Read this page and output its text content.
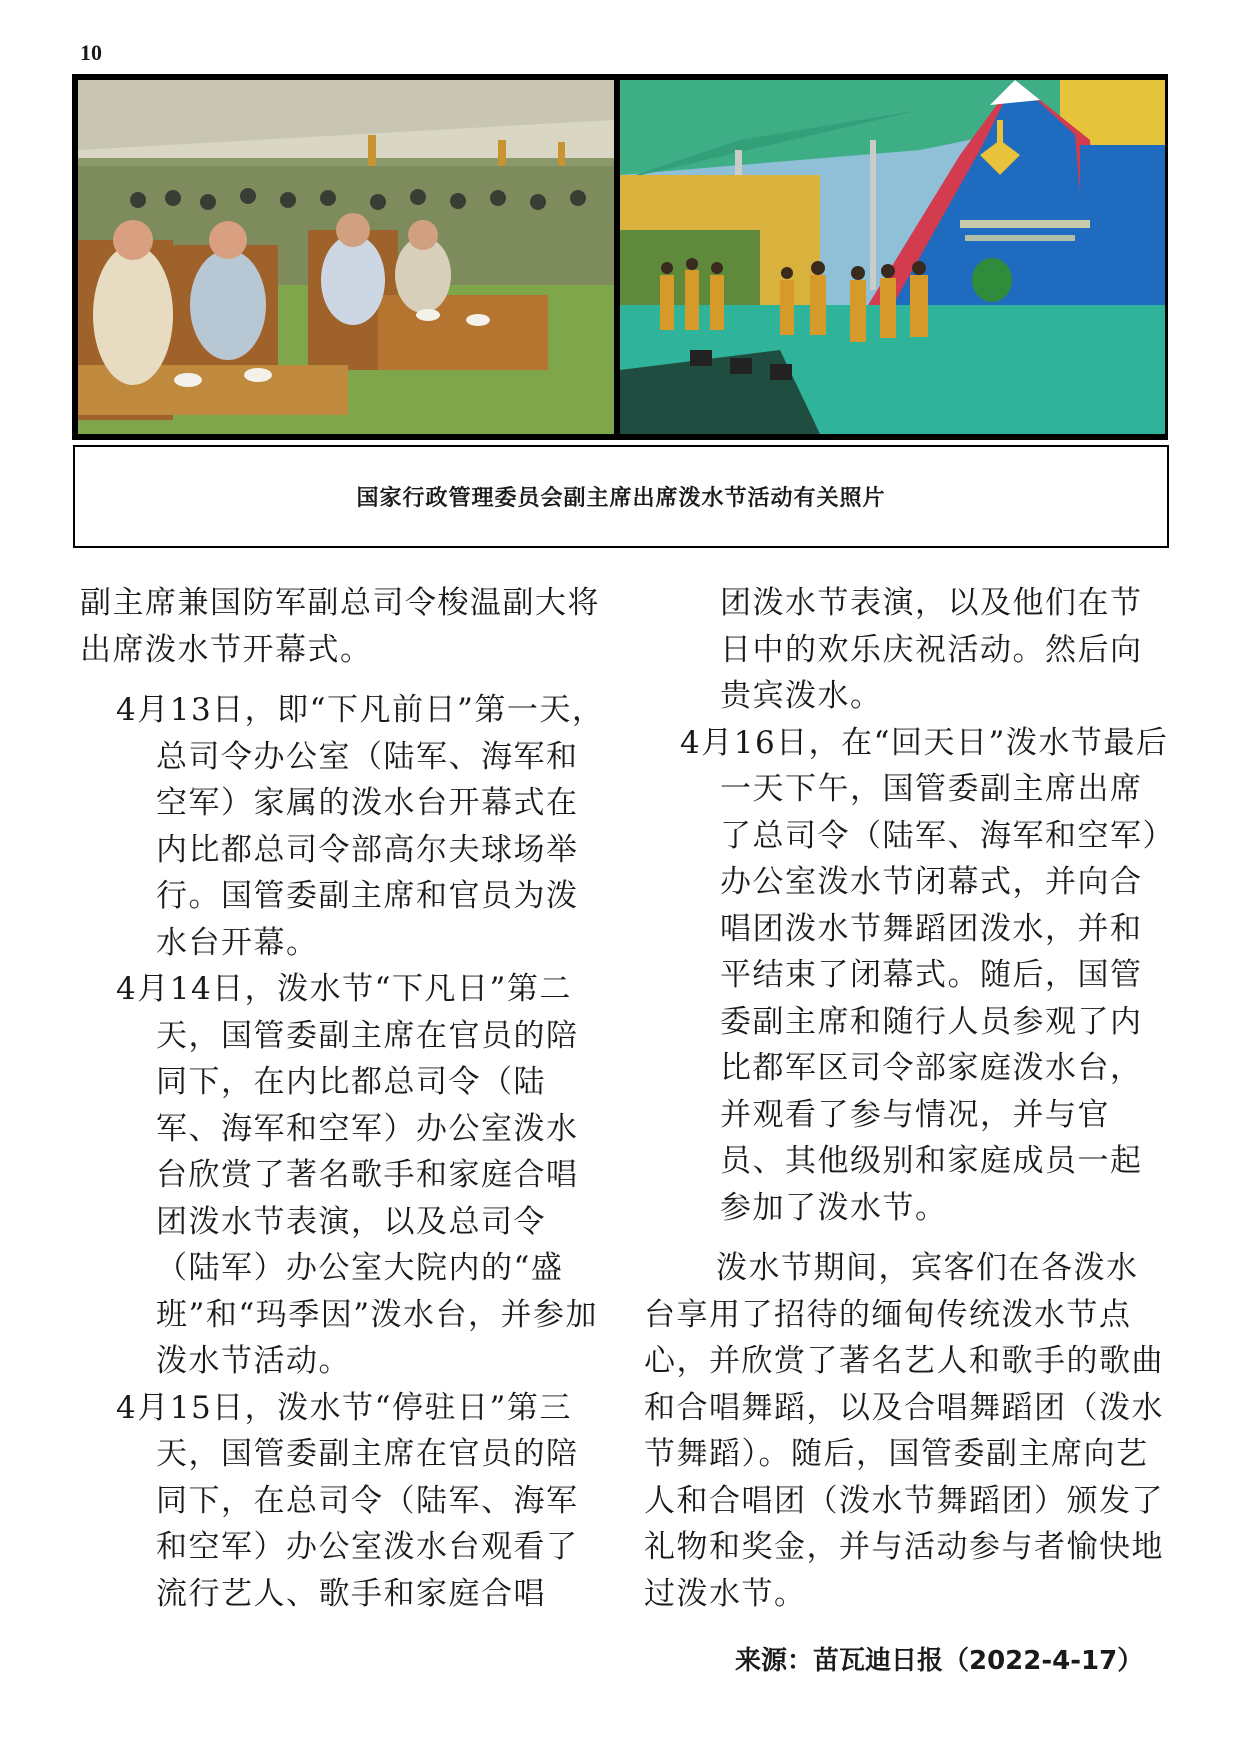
10
国家行政管理委员会副主席出席泼水节活动有关照片

副主席兼国防军副总司令梭温副大将出席泼水节开幕式。

4月13日，即“下凡前日”第一天，总司令办公室（陆军、海军和空军）家属的泼水台开幕式在内比都总司令部高尔夫球场举行。国管委副主席和官员为泼水台开幕。

4月14日，泼水节“下凡日”第二天，国管委副主席在官员的陪同下，在内比都总司令（陆军、海军和空军）办公室泼水台欣赏了著名歌手和家庭合唱团泼水节表演，以及总司令（陆军）办公室大院内的“盛班”和“玛季因”泼水台，并参加泼水节活动。

4月15日，泼水节“停驻日”第三天，国管委副主席在官员的陪同下，在总司令（陆军、海军和空军）办公室泼水台观看了流行艺人、歌手和家庭合唱

团泼水节表演，以及他们在节日中的欢乐庆祝活动。然后向贵宾泼水。

4月16日，在“回天日”泼水节最后一天下午，国管委副主席出席了总司令（陆军、海军和空军）办公室泼水节闭幕式，并向合唱团泼水节舞蹈团泼水，并和平结束了闭幕式。随后，国管委副主席和随行人员参观了内比都军区司令部家庭泼水台，并观看了参与情况，并与官员、其他级别和家庭成员一起参加了泼水节。

泼水节期间，宾客们在各泼水台享用了招待的缅甸传统泼水节点心，并欣赏了著名艺人和歌手的歌曲和合唱舞蹈，以及合唱舞蹈团（泼水节舞蹈）。随后，国管委副主席向艺人和合唱团（泼水节舞蹈团）颁发了礼物和奖金，并与活动参与者愉快地过泼水节。

来源：苗瓦迪日报（2022-4-17）
